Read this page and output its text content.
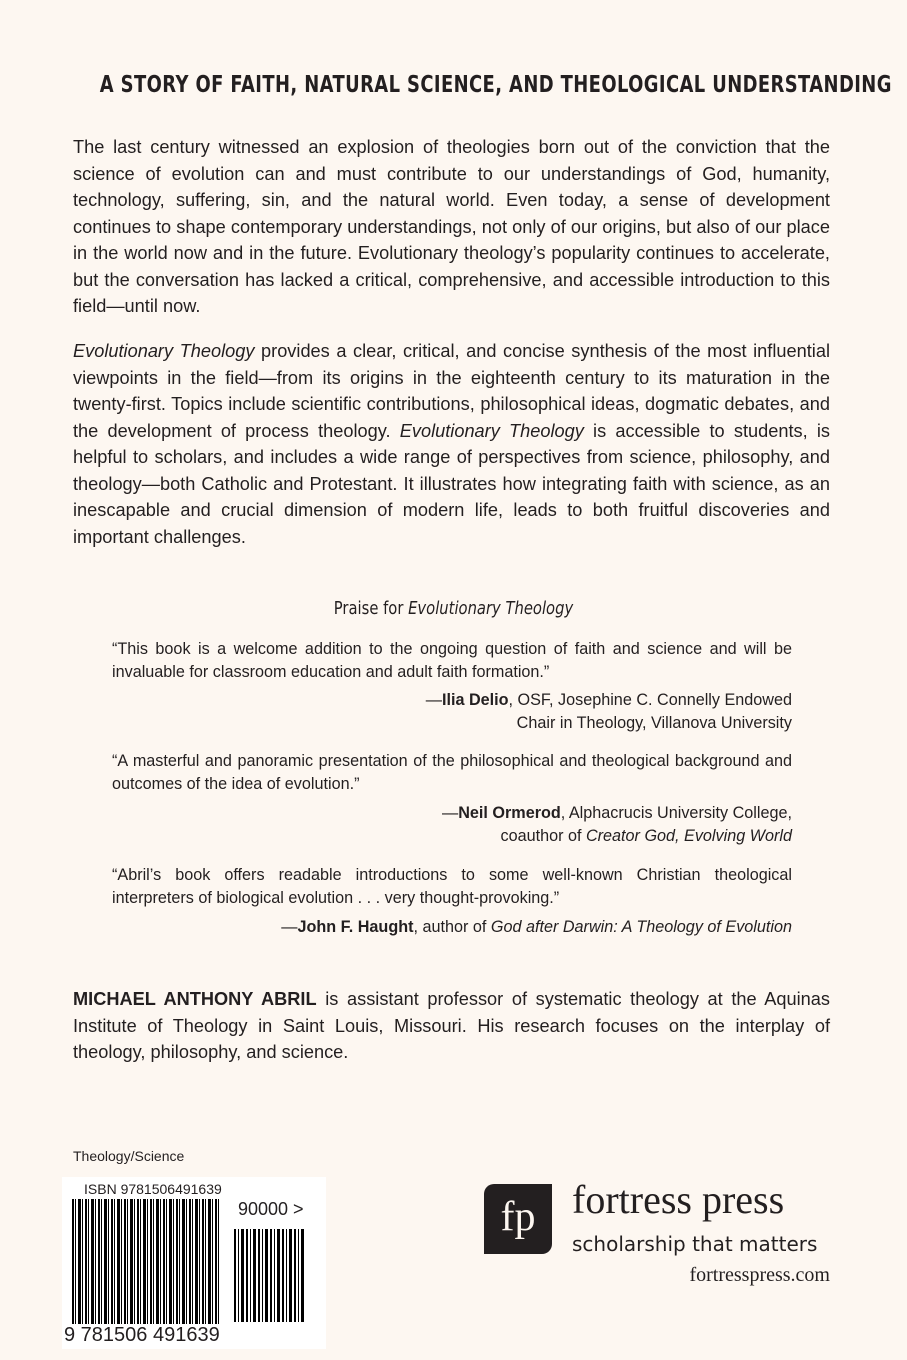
A STORY OF FAITH, NATURAL SCIENCE, AND THEOLOGICAL UNDERSTANDING
The last century witnessed an explosion of theologies born out of the conviction that the science of evolution can and must contribute to our understandings of God, humanity, technology, suffering, sin, and the natural world. Even today, a sense of development continues to shape contemporary understandings, not only of our origins, but also of our place in the world now and in the future. Evolutionary theology’s popularity continues to accelerate, but the conversation has lacked a critical, comprehensive, and accessible introduction to this field—until now.
Evolutionary Theology provides a clear, critical, and concise synthesis of the most influential viewpoints in the field—from its origins in the eighteenth century to its maturation in the twenty-first. Topics include scientific contributions, philosophical ideas, dogmatic debates, and the development of process theology. Evolutionary Theology is accessible to students, is helpful to scholars, and includes a wide range of perspectives from science, philosophy, and theology—both Catholic and Protestant. It illustrates how integrating faith with science, as an inescapable and crucial dimension of modern life, leads to both fruitful discoveries and important challenges.
Praise for Evolutionary Theology
“This book is a welcome addition to the ongoing question of faith and science and will be invaluable for classroom education and adult faith formation.”
—Ilia Delio, OSF, Josephine C. Connelly Endowed
Chair in Theology, Villanova University
“A masterful and panoramic presentation of the philosophical and theological background and outcomes of the idea of evolution.”
—Neil Ormerod, Alphacrucis University College,
coauthor of Creator God, Evolving World
“Abril’s book offers readable introductions to some well-known Christian theological interpreters of biological evolution . . . very thought-provoking.”
—John F. Haught, author of God after Darwin: A Theology of Evolution
MICHAEL ANTHONY ABRIL is assistant professor of systematic theology at the Aquinas Institute of Theology in Saint Louis, Missouri. His research focuses on the interplay of theology, philosophy, and science.
Theology/Science
ISBN 9781506491639
9 781506 491639
90000 >	fp fortress press
scholarship that matters
fortresspress.com
